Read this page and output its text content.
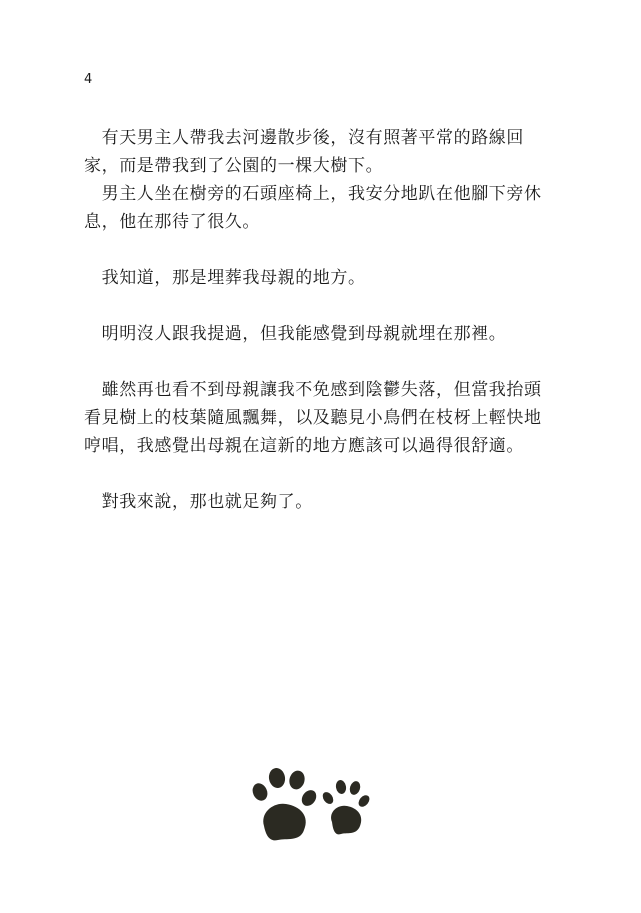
4

　有天男主人帶我去河邊散步後，沒有照著平常的路線回
家，而是帶我到了公園的一棵大樹下。

　男主人坐在樹旁的石頭座椅上，我安分地趴在他腳下旁休
息，他在那待了很久。

　我知道，那是埋葬我母親的地方。

　明明沒人跟我提過，但我能感覺到母親就埋在那裡。

　雖然再也看不到母親讓我不免感到陰鬱失落，但當我抬頭
看見樹上的枝葉隨風飄舞，以及聽見小鳥們在枝枒上輕快地
哼唱，我感覺出母親在這新的地方應該可以過得很舒適。

　對我來說，那也就足夠了。
